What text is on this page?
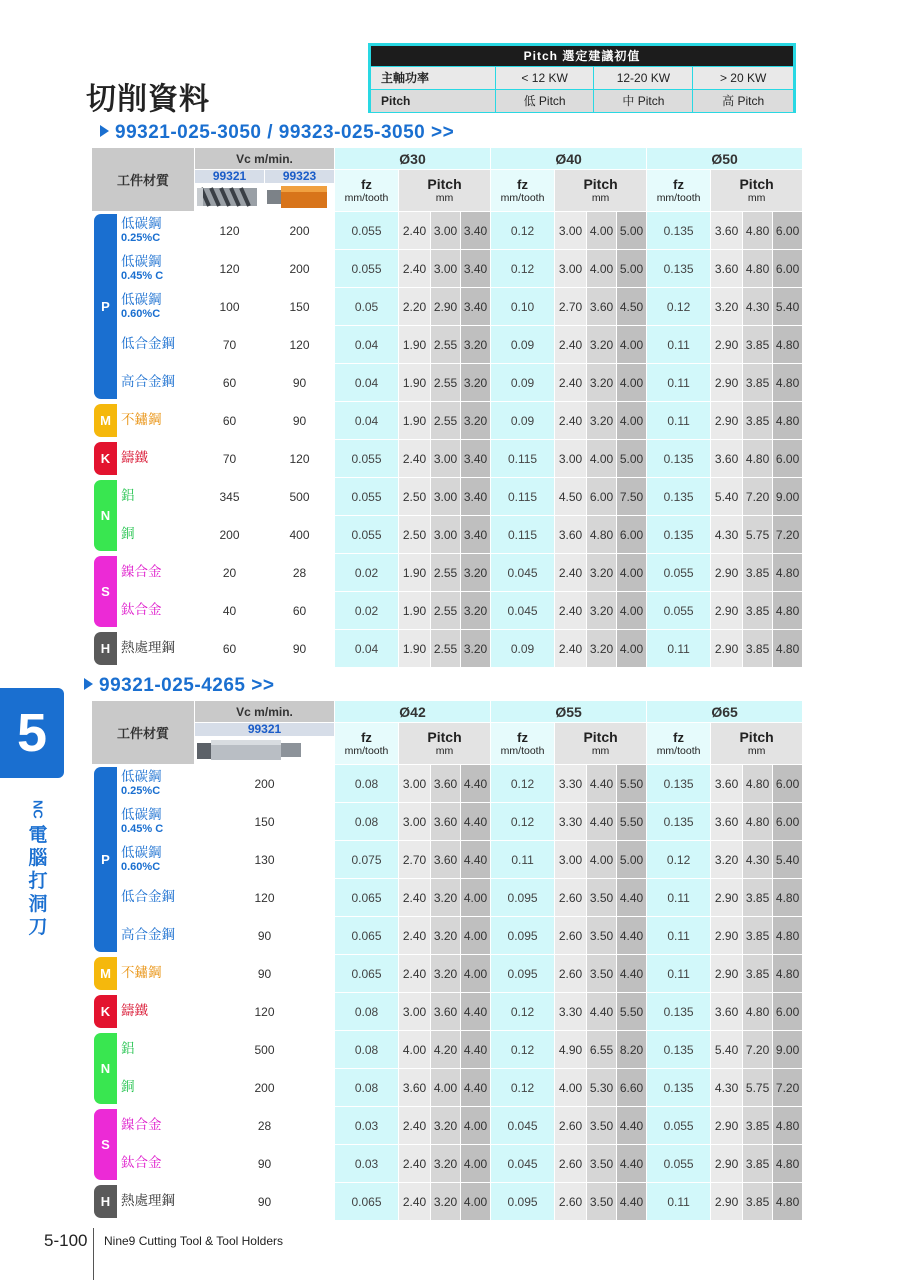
切削資料
Pitch 選定建議初值
主軸功率	< 12 KW	12-20 KW	> 20 KW
Pitch	低 Pitch	中 Pitch	高 Pitch
99321-025-3050 / 99323-025-3050 >>
工件材質		Vc m/min.		Ø30				Ø40				Ø50			

		99321	99323	fz
mm/tooth	Pitch
mm			fz
mm/tooth	Pitch
mm			fz
mm/tooth	Pitch
mm		

P	低碳鋼
0.25%C	120	200	0.055	2.40	3.00	3.40	0.12	3.00	4.00	5.00	0.135	3.60	4.80	6.00
	低碳鋼
0.45% C	120	200	0.055	2.40	3.00	3.40	0.12	3.00	4.00	5.00	0.135	3.60	4.80	6.00
	低碳鋼
0.60%C	100	150	0.05	2.20	2.90	3.40	0.10	2.70	3.60	4.50	0.12	3.20	4.30	5.40
	低合金鋼	70	120	0.04	1.90	2.55	3.20	0.09	2.40	3.20	4.00	0.11	2.90	3.85	4.80
	高合金鋼	60	90	0.04	1.90	2.55	3.20	0.09	2.40	3.20	4.00	0.11	2.90	3.85	4.80

M	不鏽鋼	60	90	0.04	1.90	2.55	3.20	0.09	2.40	3.20	4.00	0.11	2.90	3.85	4.80

K	鑄鐵	70	120	0.055	2.40	3.00	3.40	0.115	3.00	4.00	5.00	0.135	3.60	4.80	6.00

N	鋁	345	500	0.055	2.50	3.00	3.40	0.115	4.50	6.00	7.50	0.135	5.40	7.20	9.00
	銅	200	400	0.055	2.50	3.00	3.40	0.115	3.60	4.80	6.00	0.135	4.30	5.75	7.20

S	鎳合金	20	28	0.02	1.90	2.55	3.20	0.045	2.40	3.20	4.00	0.055	2.90	3.85	4.80
	鈦合金	40	60	0.02	1.90	2.55	3.20	0.045	2.40	3.20	4.00	0.055	2.90	3.85	4.80

H	熱處理鋼	60	90	0.04	1.90	2.55	3.20	0.09	2.40	3.20	4.00	0.11	2.90	3.85	4.80
99321-025-4265 >>
工件材質		Vc m/min.	Ø42				Ø55				Ø65			

		99321	fz
mm/tooth	Pitch
mm			fz
mm/tooth	Pitch
mm			fz
mm/tooth	Pitch
mm		

P	低碳鋼
0.25%C	200	0.08	3.00	3.60	4.40	0.12	3.30	4.40	5.50	0.135	3.60	4.80	6.00
	低碳鋼
0.45% C	150	0.08	3.00	3.60	4.40	0.12	3.30	4.40	5.50	0.135	3.60	4.80	6.00
	低碳鋼
0.60%C	130	0.075	2.70	3.60	4.40	0.11	3.00	4.00	5.00	0.12	3.20	4.30	5.40
	低合金鋼	120	0.065	2.40	3.20	4.00	0.095	2.60	3.50	4.40	0.11	2.90	3.85	4.80
	高合金鋼	90	0.065	2.40	3.20	4.00	0.095	2.60	3.50	4.40	0.11	2.90	3.85	4.80

M	不鏽鋼	90	0.065	2.40	3.20	4.00	0.095	2.60	3.50	4.40	0.11	2.90	3.85	4.80

K	鑄鐵	120	0.08	3.00	3.60	4.40	0.12	3.30	4.40	5.50	0.135	3.60	4.80	6.00

N	鋁	500	0.08	4.00	4.20	4.40	0.12	4.90	6.55	8.20	0.135	5.40	7.20	9.00
	銅	200	0.08	3.60	4.00	4.40	0.12	4.00	5.30	6.60	0.135	4.30	5.75	7.20

S	鎳合金	28	0.03	2.40	3.20	4.00	0.045	2.60	3.50	4.40	0.055	2.90	3.85	4.80
	鈦合金	90	0.03	2.40	3.20	4.00	0.045	2.60	3.50	4.40	0.055	2.90	3.85	4.80

H	熱處理鋼	90	0.065	2.40	3.20	4.00	0.095	2.60	3.50	4.40	0.11	2.90	3.85	4.80
5
NC
電
腦
打
洞
刀
5-100 Nine9 Cutting Tool & Tool Holders
